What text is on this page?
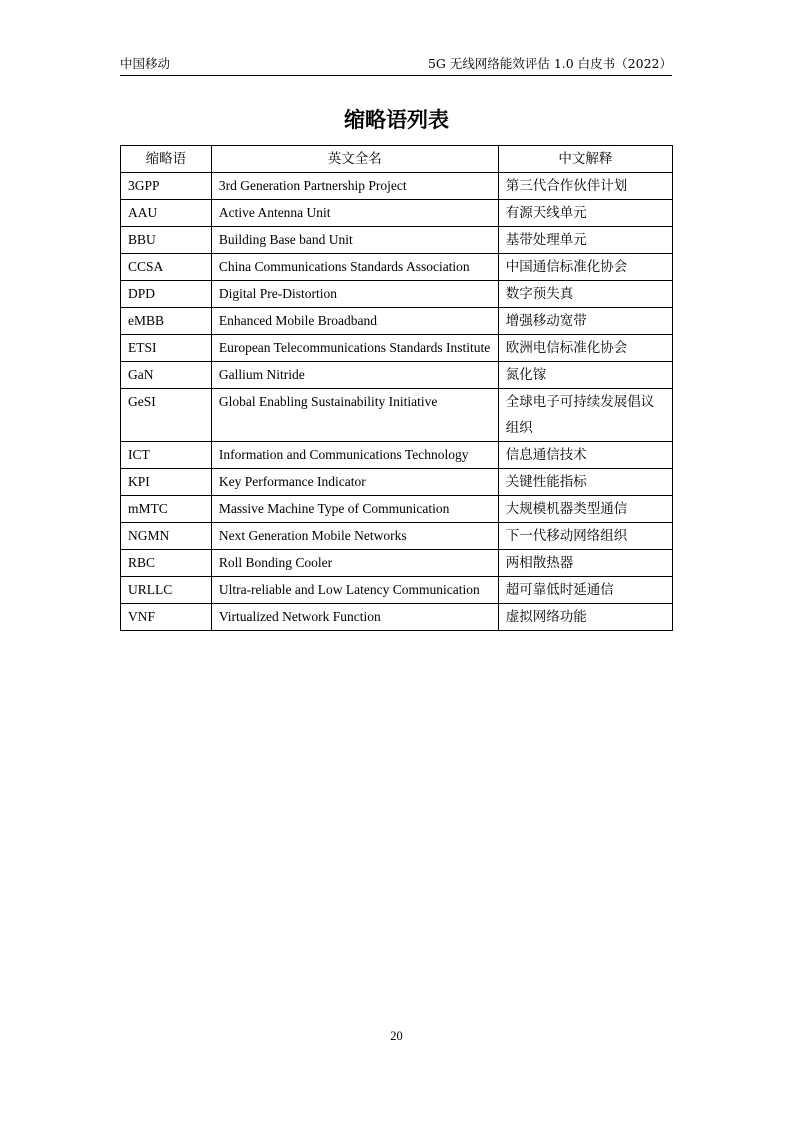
中国移动	5G 无线网络能效评估 1.0 白皮书（2022）
缩略语列表
缩略语	英文全名	中文解释
3GPP	3rd Generation Partnership Project	第三代合作伙伴计划
AAU	Active Antenna Unit	有源天线单元
BBU	Building Base band Unit	基带处理单元
CCSA	China Communications Standards Association	中国通信标准化协会
DPD	Digital Pre-Distortion	数字预失真
eMBB	Enhanced Mobile Broadband	增强移动宽带
ETSI	European Telecommunications Standards Institute	欧洲电信标准化协会
GaN	Gallium Nitride	氮化镓
GeSI	Global Enabling Sustainability Initiative	全球电子可持续发展倡议组织
ICT	Information and Communications Technology	信息通信技术
KPI	Key Performance Indicator	关键性能指标
mMTC	Massive Machine Type of Communication	大规模机器类型通信
NGMN	Next Generation Mobile Networks	下一代移动网络组织
RBC	Roll Bonding Cooler	两相散热器
URLLC	Ultra-reliable and Low Latency Communication	超可靠低时延通信
VNF	Virtualized Network Function	虚拟网络功能
20
